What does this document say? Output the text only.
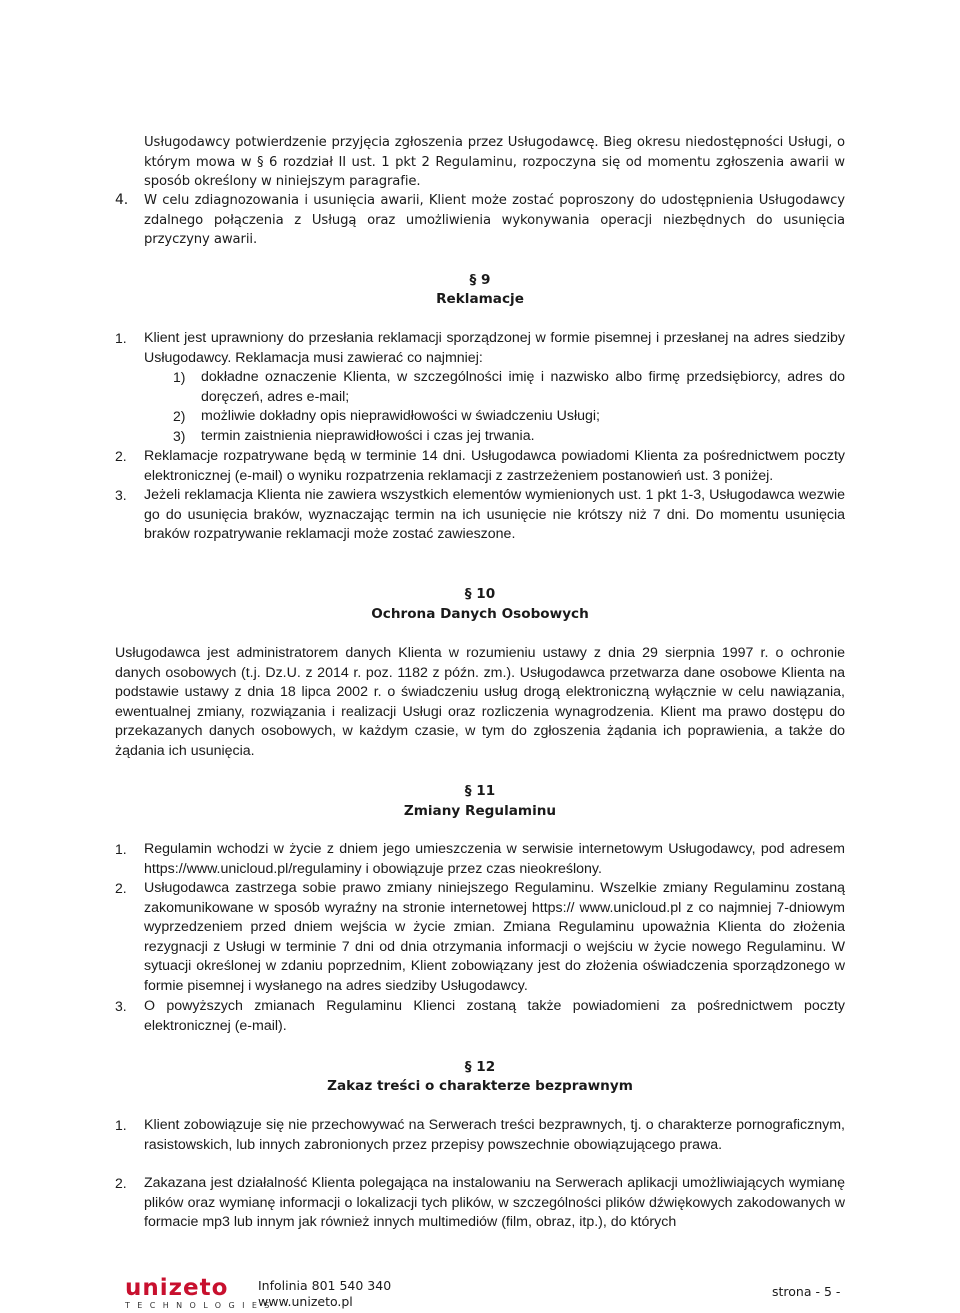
Usługodawcy potwierdzenie przyjęcia zgłoszenia przez Usługodawcę. Bieg okresu niedostępności Usługi, o którym mowa w § 6 rozdział II ust. 1 pkt 2 Regulaminu, rozpoczyna się od momentu zgłoszenia awarii w sposób określony w niniejszym paragrafie.

4. W celu zdiagnozowania i usunięcia awarii, Klient może zostać poproszony do udostępnienia Usługodawcy zdalnego połączenia z Usługą oraz umożliwienia wykonywania operacji niezbędnych do usunięcia przyczyny awarii.

§ 9
Reklamacje
1. Klient jest uprawniony do przesłania reklamacji sporządzonej w formie pisemnej i przesłanej na adres siedziby Usługodawcy. Reklamacja musi zawierać co najmniej:

1) dokładne oznaczenie Klienta, w szczególności imię i nazwisko albo firmę przedsiębiorcy, adres do doręczeń, adres e-mail;

2) możliwie dokładny opis nieprawidłowości w świadczeniu Usługi;

3) termin zaistnienia nieprawidłowości i czas jej trwania.

2. Reklamacje rozpatrywane będą w terminie 14 dni. Usługodawca powiadomi Klienta za pośrednictwem poczty elektronicznej (e-mail) o wyniku rozpatrzenia reklamacji z zastrzeżeniem postanowień ust. 3 poniżej.

3. Jeżeli reklamacja Klienta nie zawiera wszystkich elementów wymienionych ust. 1 pkt 1-3, Usługodawca wezwie go do usunięcia braków, wyznaczając termin na ich usunięcie nie krótszy niż 7 dni. Do momentu usunięcia braków rozpatrywanie reklamacji może zostać zawieszone.

§ 10
Ochrona Danych Osobowych

Usługodawca jest administratorem danych Klienta w rozumieniu ustawy z dnia 29 sierpnia 1997 r. o ochronie danych osobowych (t.j. Dz.U. z 2014 r. poz. 1182 z późn. zm.). Usługodawca przetwarza dane osobowe Klienta na podstawie ustawy z dnia 18 lipca 2002 r. o świadczeniu usług drogą elektroniczną wyłącznie w celu nawiązania, ewentualnej zmiany, rozwiązania i realizacji Usługi oraz rozliczenia wynagrodzenia. Klient ma prawo dostępu do przekazanych danych osobowych, w każdym czasie, w tym do zgłoszenia żądania ich poprawienia, a także do żądania ich usunięcia.

§ 11
Zmiany Regulaminu
1. Regulamin wchodzi w życie z dniem jego umieszczenia w serwisie internetowym Usługodawcy, pod adresem https://www.unicloud.pl/regulaminy i obowiązuje przez czas nieokreślony.

2. Usługodawca zastrzega sobie prawo zmiany niniejszego Regulaminu. Wszelkie zmiany Regulaminu zostaną zakomunikowane w sposób wyraźny na stronie internetowej https:// www.unicloud.pl z co najmniej 7-dniowym wyprzedzeniem przed dniem wejścia w życie zmian. Zmiana Regulaminu upoważnia Klienta do złożenia rezygnacji z Usługi w terminie 7 dni od dnia otrzymania informacji o wejściu w życie nowego Regulaminu. W sytuacji określonej w zdaniu poprzednim, Klient zobowiązany jest do złożenia oświadczenia sporządzonego w formie pisemnej i wysłanego na adres siedziby Usługodawcy.

3. O powyższych zmianach Regulaminu Klienci zostaną także powiadomieni za pośrednictwem poczty elektronicznej (e-mail).

§ 12
Zakaz treści o charakterze bezprawnym
1. Klient zobowiązuje się nie przechowywać na Serwerach treści bezprawnych, tj. o charakterze pornograficznym, rasistowskich, lub innych zabronionych przez przepisy powszechnie obowiązującego prawa.

2. Zakazana jest działalność Klienta polegająca na instalowaniu na Serwerach aplikacji umożliwiających wymianę plików oraz wymianę informacji o lokalizacji tych plików, w szczególności plików dźwiękowych zakodowanych w formacie mp3 lub innym jak również innych multimediów (film, obraz, itp.), do których

unizeto
TECHNOLOGIES
Infolinia 801 540 340
www.unizeto.pl
strona - 5 -
